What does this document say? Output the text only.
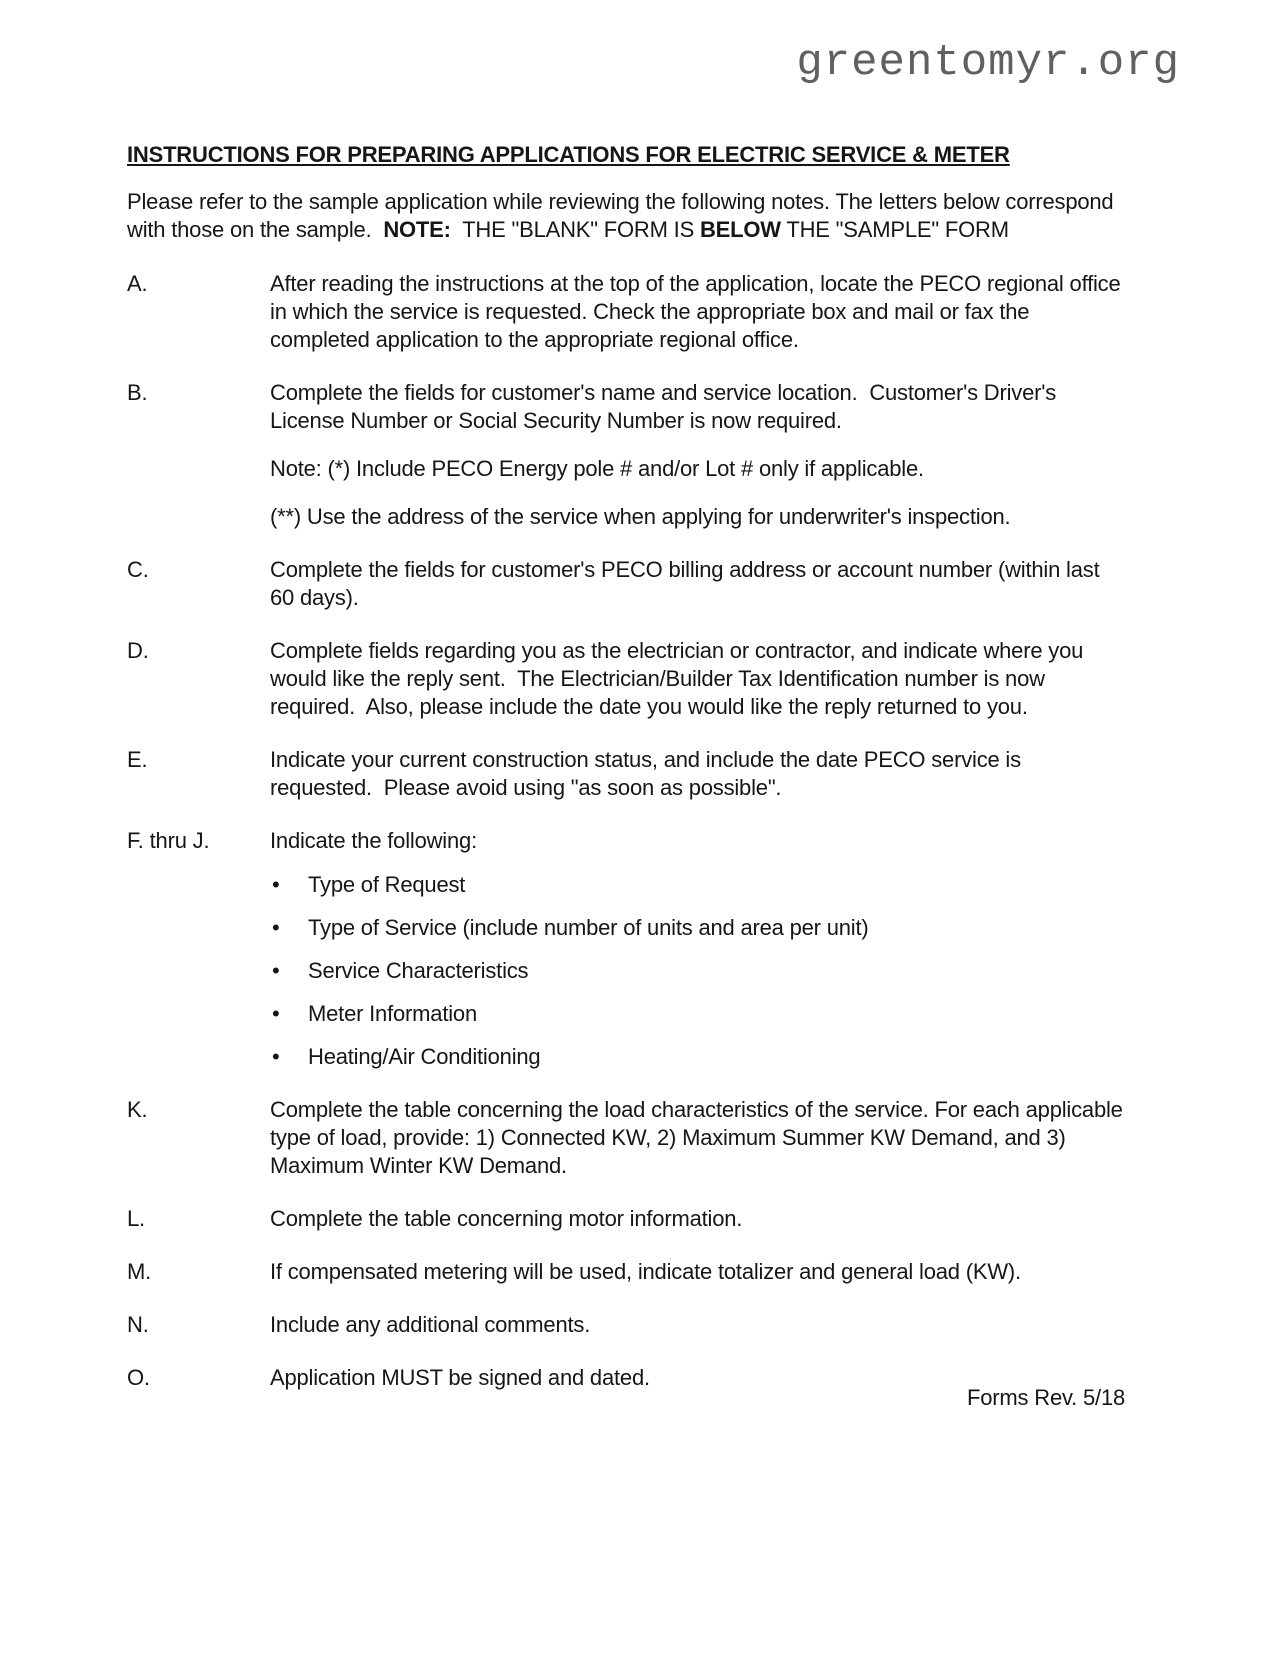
greentomyr.org
INSTRUCTIONS FOR PREPARING APPLICATIONS FOR ELECTRIC SERVICE & METER

Please refer to the sample application while reviewing the following notes. The letters below correspond with those on the sample.  NOTE:  THE "BLANK" FORM IS BELOW THE "SAMPLE" FORM

A.	After reading the instructions at the top of the application, locate the PECO regional office in which the service is requested. Check the appropriate box and mail or fax the completed application to the appropriate regional office.

B.	Complete the fields for customer's name and service location.  Customer's Driver's License Number or Social Security Number is now required.

Note: (*) Include PECO Energy pole # and/or Lot # only if applicable.

(**) Use the address of the service when applying for underwriter's inspection.

C.	Complete the fields for customer's PECO billing address or account number (within last 60 days).

D.	Complete fields regarding you as the electrician or contractor, and indicate where you would like the reply sent.  The Electrician/Builder Tax Identification number is now required.  Also, please include the date you would like the reply returned to you.

E.	Indicate your current construction status, and include the date PECO service is requested.  Please avoid using "as soon as possible".

F. thru J.	Indicate the following:

•
Type of Request
•
Type of Service (include number of units and area per unit)
•
Service Characteristics
•
Meter Information
•
Heating/Air Conditioning
K.	Complete the table concerning the load characteristics of the service. For each applicable type of load, provide: 1) Connected KW, 2) Maximum Summer KW Demand, and 3) Maximum Winter KW Demand.

L.	Complete the table concerning motor information.

M.	If compensated metering will be used, indicate totalizer and general load (KW).

N.	Include any additional comments.

O.	Application MUST be signed and dated.

Forms Rev. 5/18
